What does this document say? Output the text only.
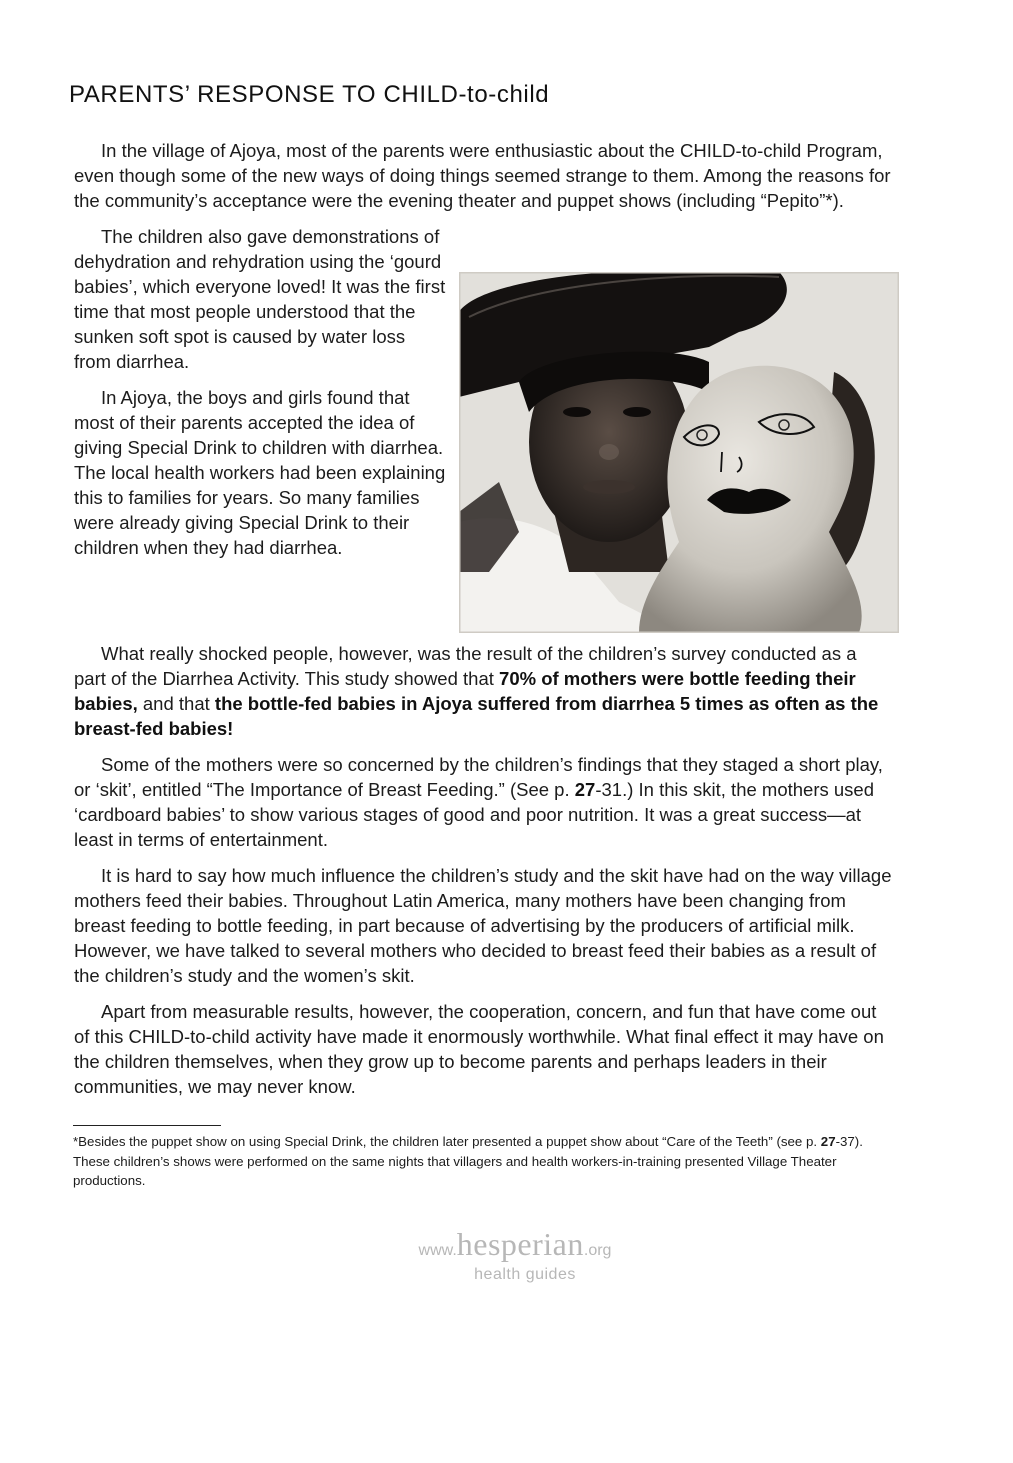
PARENTS’ RESPONSE TO CHILD-to-child

In the village of Ajoya, most of the parents were enthusiastic about the CHILD-to-child Program, even though some of the new ways of doing things seemed strange to them. Among the reasons for the community’s acceptance were the evening theater and puppet shows (including “Pepito”*).

The children also gave demonstrations of dehydration and rehydration using the ‘gourd babies’, which everyone loved! It was the first time that most people understood that the sunken soft spot is caused by water loss from diarrhea.

In Ajoya, the boys and girls found that most of their parents accepted the idea of giving Special Drink to children with diarrhea. The local health workers had been explaining this to families for years. So many families were already giving Special Drink to their children when they had diarrhea.

What really shocked people, however, was the result of the children’s survey conducted as a part of the Diarrhea Activity. This study showed that 70% of mothers were bottle feeding their babies, and that the bottle-fed babies in Ajoya suffered from diarrhea 5 times as often as the breast-fed babies!

Some of the mothers were so concerned by the children’s findings that they staged a short play, or ‘skit’, entitled “The Importance of Breast Feeding.” (See p. 27-31.) In this skit, the mothers used ‘cardboard babies’ to show various stages of good and poor nutrition. It was a great success—at least in terms of entertainment.

It is hard to say how much influence the children’s study and the skit have had on the way village mothers feed their babies. Throughout Latin America, many mothers have been changing from breast feeding to bottle feeding, in part because of advertising by the producers of artificial milk. However, we have talked to several mothers who decided to breast feed their babies as a result of the children’s study and the women’s skit.

Apart from measurable results, however, the cooperation, concern, and fun that have come out of this CHILD-to-child activity have made it enormously worthwhile. What final effect it may have on the children themselves, when they grow up to become parents and perhaps leaders in their communities, we may never know.

*Besides the puppet show on using Special Drink, the children later presented a puppet show about “Care of the Teeth” (see p. 27-37). These children’s shows were performed on the same nights that villagers and health workers-in-training presented Village Theater productions.

www.hesperian.org
health guides
